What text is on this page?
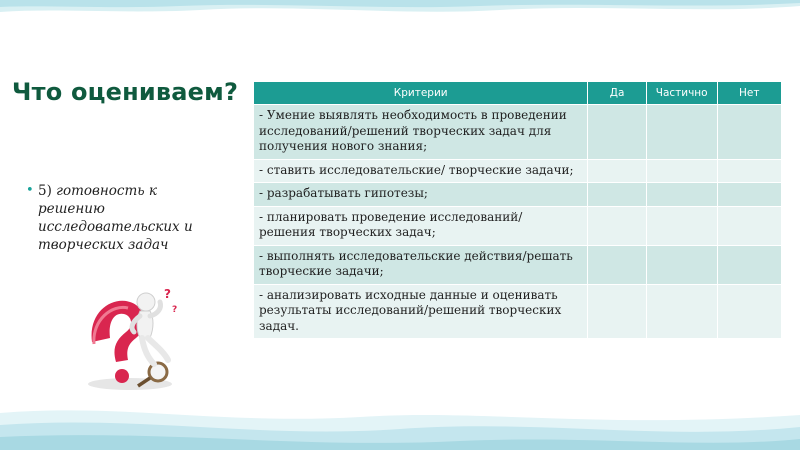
Что оцениваем?
• 5) готовность к решению исследовательских и творческих задач
?
?
Критерии	Да	Частично	Нет
- Умение выявлять необходимость в проведении исследований/решений творческих задач для получения нового знания;			
- ставить исследовательские/ творческие задачи;			
- разрабатывать гипотезы;			
- планировать проведение исследований/ решения творческих задач;			
- выполнять исследовательские действия/решать творческие задачи;			
- анализировать исходные данные и оценивать результаты исследований/решений творческих задач.			
